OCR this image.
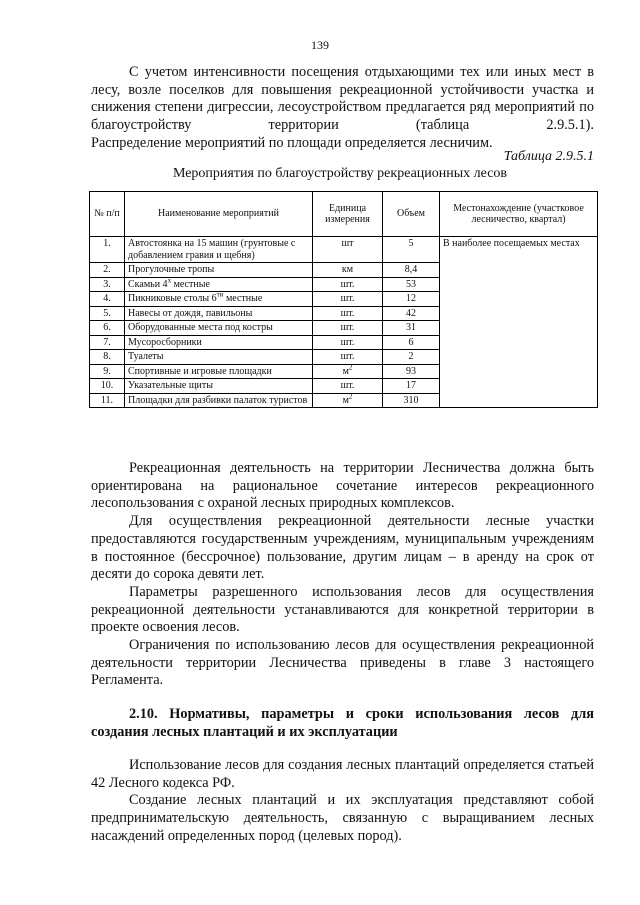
139

С учетом интенсивности посещения отдыхающими тех или иных мест в лесу, возле поселков для повышения рекреационной устойчивости участка и снижения степени дигрессии, лесоустройством предлагается ряд мероприятий по благоустройству территории (таблица 2.9.5.1).

Распределение мероприятий по площади определяется лесничим.

Таблица 2.9.5.1
Мероприятия по благоустройству рекреационных лесов
№ п/п	Наименование мероприятий	Единица измерения	Объем	Местонахождение (участковое лесничество, квартал)
1.	Автостоянка на 15 машин (грунтовые с добавлением гравия и щебня)	шт	5	В наиболее посещаемых местах
2.	Прогулочные тропы	км	8,4	
3.	Скамьи $4^х$ местные	шт.	53	
4.	Пикниковые столы $6^{ти}$ местные	шт.	12	
5.	Навесы от дождя, павильоны	шт.	42	
6.	Оборудованные места под костры	шт.	31	
7.	Мусоросборники	шт.	6	
8.	Туалеты	шт.	2	
9.	Спортивные и игровые площадки	$м^2$	93	
10.	Указательные щиты	шт.	17	
11.	Площадки для разбивки палаток туристов	$м^2$	310	

Рекреационная деятельность на территории Лесничества должна быть ориентирована на рациональное сочетание интересов рекреационного лесопользования с охраной лесных природных комплексов.

Для осуществления рекреационной деятельности лесные участки предоставляются государственным учреждениям, муниципальным учреждениям в постоянное (бессрочное) пользование, другим лицам – в аренду на срок от десяти до сорока девяти лет.

Параметры разрешенного использования лесов для осуществления рекреационной деятельности устанавливаются для конкретной территории в проекте освоения лесов.

Ограничения по использованию лесов для осуществления рекреационной деятельности территории Лесничества приведены в главе 3 настоящего Регламента.

2.10. Нормативы, параметры и сроки использования лесов для создания лесных плантаций и их эксплуатации

Использование лесов для создания лесных плантаций определяется статьей 42 Лесного кодекса РФ.

Создание лесных плантаций и их эксплуатация представляют собой предпринимательскую деятельность, связанную с выращиванием лесных насаждений определенных пород (целевых пород).
